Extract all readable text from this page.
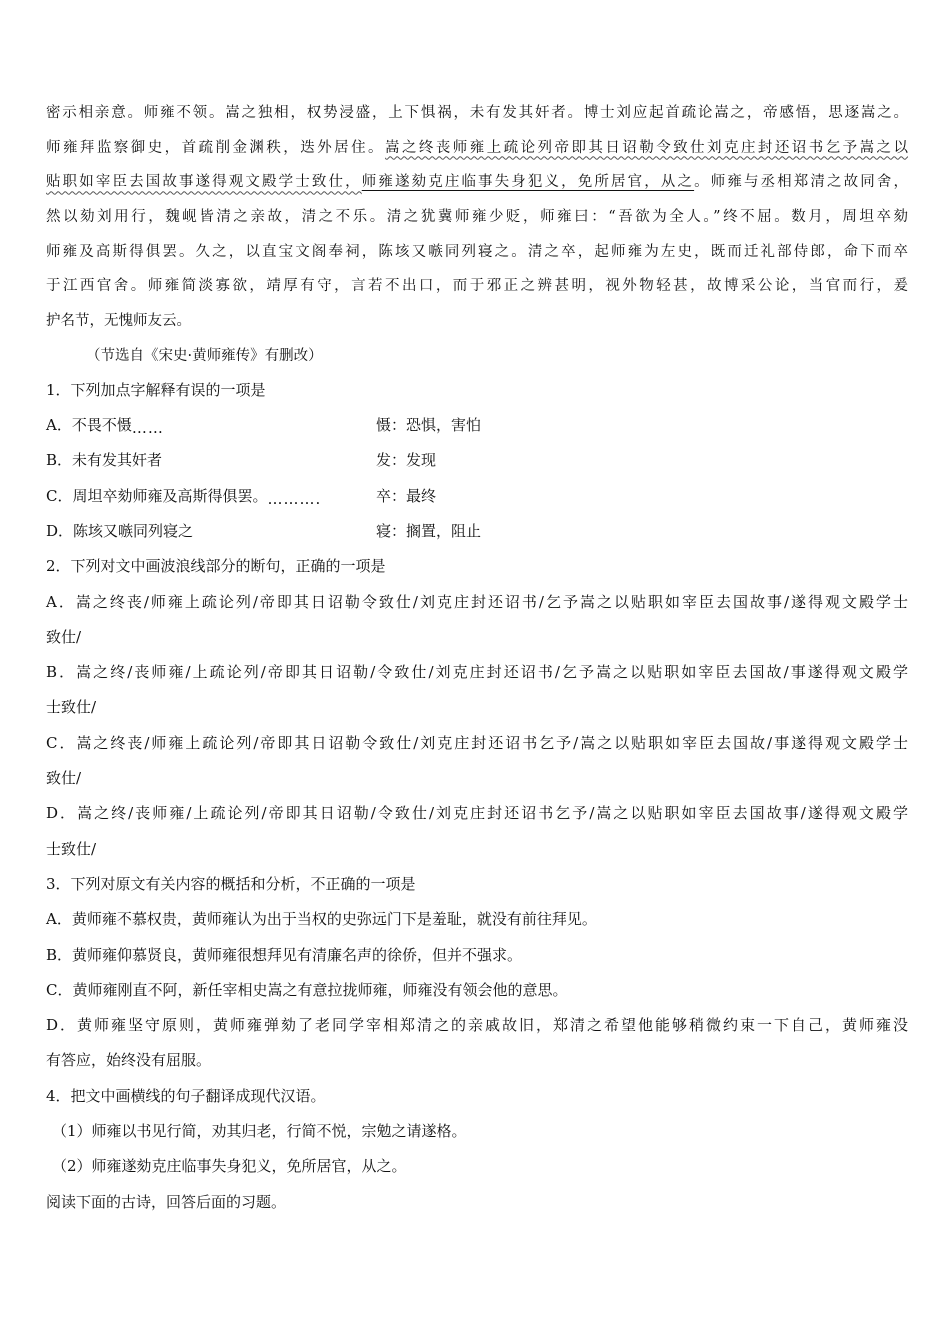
密示相亲意。师雍不领。嵩之独相，权势浸盛，上下惧祸，未有发其奸者。博士刘应起首疏论嵩之，帝感悟，思逐嵩之。
师雍拜监察御史，首疏削金渊秩，迭外居住。嵩之终丧师雍上疏论列帝即其日诏勒令致仕刘克庄封还诏书乞予嵩之以
贴职如宰臣去国故事遂得观文殿学士致仕，师雍遂劾克庄临事失身犯义，免所居官，从之。师雍与丞相郑清之故同舍，
然以劾刘用行，魏岘皆清之亲故，清之不乐。清之犹冀师雍少贬，师雍曰：“吾欲为全人。”终不屈。数月，周坦卒劾
师雍及高斯得俱罢。久之，以直宝文阁奉祠，陈垓又嗾同列寝之。清之卒，起师雍为左史，既而迁礼部侍郎，命下而卒
于江西官舍。师雍简淡寡欲，靖厚有守，言若不出口，而于邪正之辨甚明，视外物轻甚，故博采公论，当官而行，爰
护名节，无愧师友云。
（节选自《宋史·黄师雍传》有删改）
1．下列加点字解释有误的一项是
A．不畏不慑……	慑：恐惧，害怕
B．未有发其奸者	发：发现
C．周坦卒劾师雍及高斯得俱罢。……….	卒：最终
D．陈垓又嗾同列寝之	寝：搁置，阻止
2．下列对文中画波浪线部分的断句，正确的一项是
A．嵩之终丧/师雍上疏论列/帝即其日诏勒令致仕/刘克庄封还诏书/乞予嵩之以贴职如宰臣去国故事/遂得观文殿学士
致仕/
B．嵩之终/丧师雍/上疏论列/帝即其日诏勒/令致仕/刘克庄封还诏书/乞予嵩之以贴职如宰臣去国故/事遂得观文殿学
士致仕/
C．嵩之终丧/师雍上疏论列/帝即其日诏勒令致仕/刘克庄封还诏书乞予/嵩之以贴职如宰臣去国故/事遂得观文殿学士
致仕/
D．嵩之终/丧师雍/上疏论列/帝即其日诏勒/令致仕/刘克庄封还诏书乞予/嵩之以贴职如宰臣去国故事/遂得观文殿学
士致仕/
3．下列对原文有关内容的概括和分析，不正确的一项是
A．黄师雍不慕权贵，黄师雍认为出于当权的史弥远门下是羞耻，就没有前往拜见。
B．黄师雍仰慕贤良，黄师雍很想拜见有清廉名声的徐侨，但并不强求。
C．黄师雍刚直不阿，新任宰相史嵩之有意拉拢师雍，师雍没有领会他的意思。
D．黄师雍坚守原则，黄师雍弹劾了老同学宰相郑清之的亲戚故旧，郑清之希望他能够稍微约束一下自己，黄师雍没
有答应，始终没有屈服。
4．把文中画横线的句子翻译成现代汉语。
（1）师雍以书见行简，劝其归老，行简不悦，宗勉之请遂格。
（2）师雍遂劾克庄临事失身犯义，免所居官，从之。
阅读下面的古诗，回答后面的习题。
